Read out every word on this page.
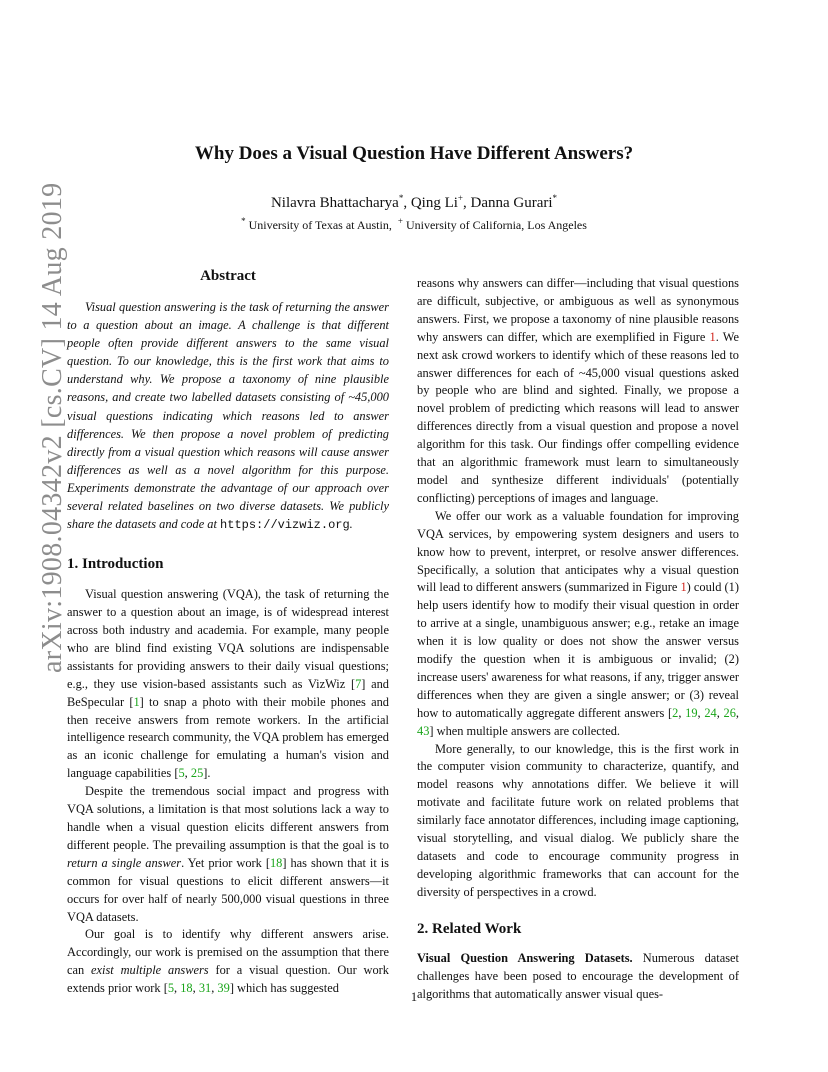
arXiv:1908.04342v2 [cs.CV] 14 Aug 2019
Why Does a Visual Question Have Different Answers?
Nilavra Bhattacharya*, Qing Li+, Danna Gurari*
* University of Texas at Austin,  + University of California, Los Angeles
Abstract

Visual question answering is the task of returning the answer to a question about an image. A challenge is that different people often provide different answers to the same visual question. To our knowledge, this is the first work that aims to understand why. We propose a taxonomy of nine plausible reasons, and create two labelled datasets consisting of ~45,000 visual questions indicating which reasons led to answer differences. We then propose a novel problem of predicting directly from a visual question which reasons will cause answer differences as well as a novel algorithm for this purpose. Experiments demonstrate the advantage of our approach over several related baselines on two diverse datasets. We publicly share the datasets and code at https://vizwiz.org.

1. Introduction

Visual question answering (VQA), the task of returning the answer to a question about an image, is of widespread interest across both industry and academia. For example, many people who are blind find existing VQA solutions are indispensable assistants for providing answers to their daily visual questions; e.g., they use vision-based assistants such as VizWiz [7] and BeSpecular [1] to snap a photo with their mobile phones and then receive answers from remote workers. In the artificial intelligence research community, the VQA problem has emerged as an iconic challenge for emulating a human's vision and language capabilities [5, 25].

Despite the tremendous social impact and progress with VQA solutions, a limitation is that most solutions lack a way to handle when a visual question elicits different answers from different people. The prevailing assumption is that the goal is to return a single answer. Yet prior work [18] has shown that it is common for visual questions to elicit different answers—it occurs for over half of nearly 500,000 visual questions in three VQA datasets.

Our goal is to identify why different answers arise. Accordingly, our work is premised on the assumption that there can exist multiple answers for a visual question. Our work extends prior work [5, 18, 31, 39] which has suggested

reasons why answers can differ—including that visual questions are difficult, subjective, or ambiguous as well as synonymous answers. First, we propose a taxonomy of nine plausible reasons why answers can differ, which are exemplified in Figure 1. We next ask crowd workers to identify which of these reasons led to answer differences for each of ~45,000 visual questions asked by people who are blind and sighted. Finally, we propose a novel problem of predicting which reasons will lead to answer differences directly from a visual question and propose a novel algorithm for this task. Our findings offer compelling evidence that an algorithmic framework must learn to simultaneously model and synthesize different individuals' (potentially conflicting) perceptions of images and language.

We offer our work as a valuable foundation for improving VQA services, by empowering system designers and users to know how to prevent, interpret, or resolve answer differences. Specifically, a solution that anticipates why a visual question will lead to different answers (summarized in Figure 1) could (1) help users identify how to modify their visual question in order to arrive at a single, unambiguous answer; e.g., retake an image when it is low quality or does not show the answer versus modify the question when it is ambiguous or invalid; (2) increase users' awareness for what reasons, if any, trigger answer differences when they are given a single answer; or (3) reveal how to automatically aggregate different answers [2, 19, 24, 26, 43] when multiple answers are collected.

More generally, to our knowledge, this is the first work in the computer vision community to characterize, quantify, and model reasons why annotations differ. We believe it will motivate and facilitate future work on related problems that similarly face annotator differences, including image captioning, visual storytelling, and visual dialog. We publicly share the datasets and code to encourage community progress in developing algorithmic frameworks that can account for the diversity of perspectives in a crowd.

2. Related Work

Visual Question Answering Datasets. Numerous dataset challenges have been posed to encourage the development of algorithms that automatically answer visual ques-

1
